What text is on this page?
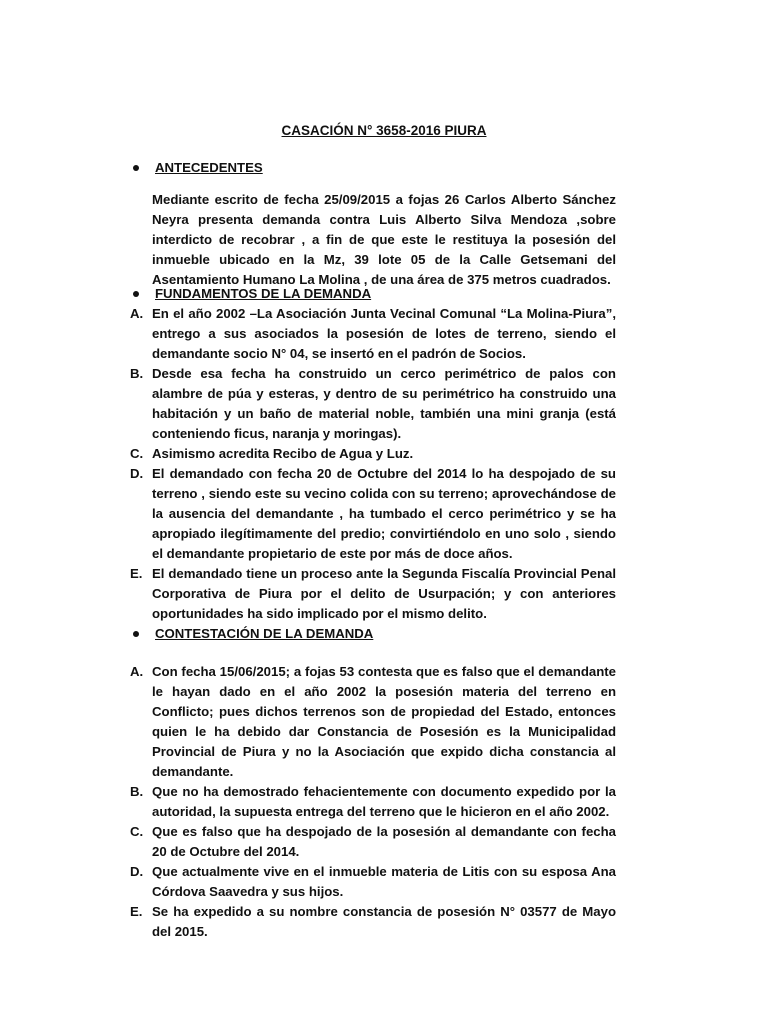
CASACIÓN N° 3658-2016 PIURA
ANTECEDENTES
Mediante escrito de fecha 25/09/2015 a fojas 26 Carlos Alberto Sánchez Neyra presenta demanda contra Luis Alberto Silva Mendoza ,sobre interdicto de recobrar , a fin de que este le restituya la posesión del inmueble ubicado en la Mz, 39 lote 05 de la Calle Getsemani del Asentamiento Humano La Molina , de una área de 375 metros cuadrados.
FUNDAMENTOS DE LA DEMANDA
A. En el año 2002 –La Asociación Junta Vecinal Comunal “La Molina-Piura”, entrego a sus asociados la posesión de lotes de terreno, siendo el demandante socio N° 04, se insertó en el padrón de Socios.
B. Desde esa fecha ha construido un cerco perimétrico de palos con alambre de púa y esteras, y dentro de su perimétrico ha construido una habitación y un baño de material noble, también una mini granja (está conteniendo ficus, naranja y moringas).
C. Asimismo acredita Recibo de Agua y Luz.
D. El demandado con fecha 20 de Octubre del 2014 lo ha despojado de su terreno , siendo este su vecino colida con su terreno; aprovechándose de la ausencia del demandante , ha tumbado el cerco perimétrico y se ha apropiado ilegítimamente del predio; convirtiéndolo en uno solo , siendo el demandante propietario de este por más de doce años.
E. El demandado tiene un proceso ante la Segunda Fiscalía Provincial Penal Corporativa de Piura por el delito de Usurpación; y con anteriores oportunidades ha sido implicado por el mismo delito.
CONTESTACIÓN DE LA DEMANDA
A. Con fecha 15/06/2015; a fojas 53 contesta que es falso que el demandante le hayan dado en el año 2002 la posesión materia del terreno en Conflicto; pues dichos terrenos son de propiedad del Estado, entonces quien le ha debido dar Constancia de Posesión es la Municipalidad Provincial de Piura y no la Asociación que expido dicha constancia al demandante.
B. Que no ha demostrado fehacientemente con documento expedido por la autoridad, la supuesta entrega del terreno que le hicieron en el año 2002.
C. Que es falso que ha despojado de la posesión al demandante con fecha 20 de Octubre del 2014.
D. Que actualmente vive en el inmueble materia de Litis con su esposa Ana Córdova Saavedra y sus hijos.
E. Se ha expedido a su nombre constancia de posesión N° 03577 de Mayo del 2015.
